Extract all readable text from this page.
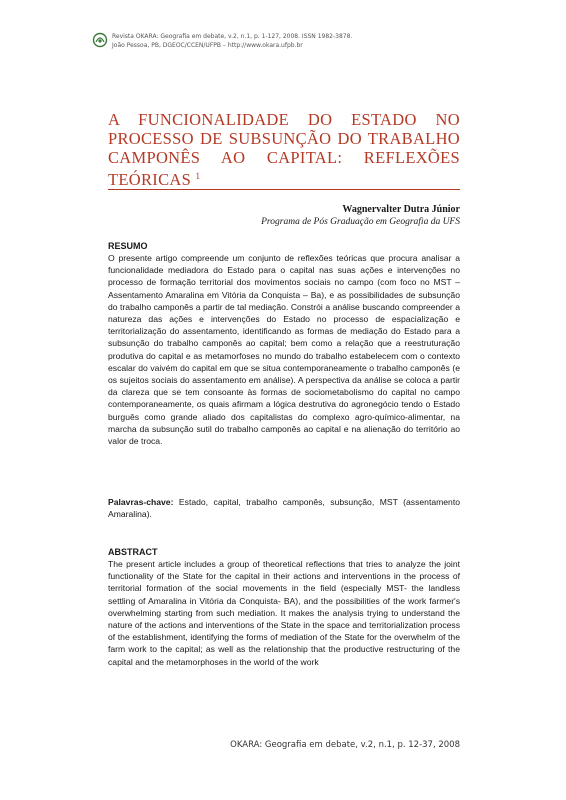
Revista OKARA: Geografia em debate, v.2, n.1, p. 1-127, 2008. ISSN 1982-3878.
João Pessoa, PB, DGEOC/CCEN/UFPB – http://www.okara.ufpb.br
A FUNCIONALIDADE DO ESTADO NO
PROCESSO DE SUBSUNÇÃO DO TRABALHO
CAMPONÊS AO CAPITAL: REFLEXÕES
TEÓRICAS $^1$
Wagnervalter Dutra Júnior
Programa de Pós Graduação em Geografia da UFS
RESUMO
O presente artigo compreende um conjunto de reflexões teóricas que procura analisar a funcionalidade mediadora do Estado para o capital nas suas ações e intervenções no processo de formação territorial dos movimentos sociais no campo (com foco no MST – Assentamento Amaralina em Vitória da Conquista – Ba), e as possibilidades de subsunção do trabalho camponês a partir de tal mediação. Constrói a análise buscando compreender a natureza das ações e intervenções do Estado no processo de espacialização e territorialização do assentamento, identificando as formas de mediação do Estado para a subsunção do trabalho camponês ao capital; bem como a relação que a reestruturação produtiva do capital e as metamorfoses no mundo do trabalho estabelecem com o contexto escalar do vaivém do capital em que se situa contemporaneamente o trabalho camponês (e os sujeitos sociais do assentamento em análise). A perspectiva da análise se coloca a partir da clareza que se tem consoante às formas de sociometabolismo do capital no campo contemporaneamente, os quais afirmam a lógica destrutiva do agronegócio tendo o Estado burguês como grande aliado dos capitalistas do complexo agro-químico-alimentar, na marcha da subsunção sutil do trabalho camponês ao capital e na alienação do território ao valor de troca.
Palavras-chave: Estado, capital, trabalho camponês, subsunção, MST (assentamento Amaralina).
ABSTRACT
The present article includes a group of theoretical reflections that tries to analyze the joint functionality of the State for the capital in their actions and interventions in the process of territorial formation of the social movements in the field (especially MST- the landless settling of Amaralina in Vitória da Conquista- BA), and the possibilities of the work farmer's overwhelming starting from such mediation. It makes the analysis trying to understand the nature of the actions and interventions of the State in the space and territorialization process of the establishment, identifying the forms of mediation of the State for the overwhelm of the farm work to the capital; as well as the relationship that the productive restructuring of the capital and the metamorphoses in the world of the work
OKARA: Geografia em debate, v.2, n.1, p. 12-37, 2008
